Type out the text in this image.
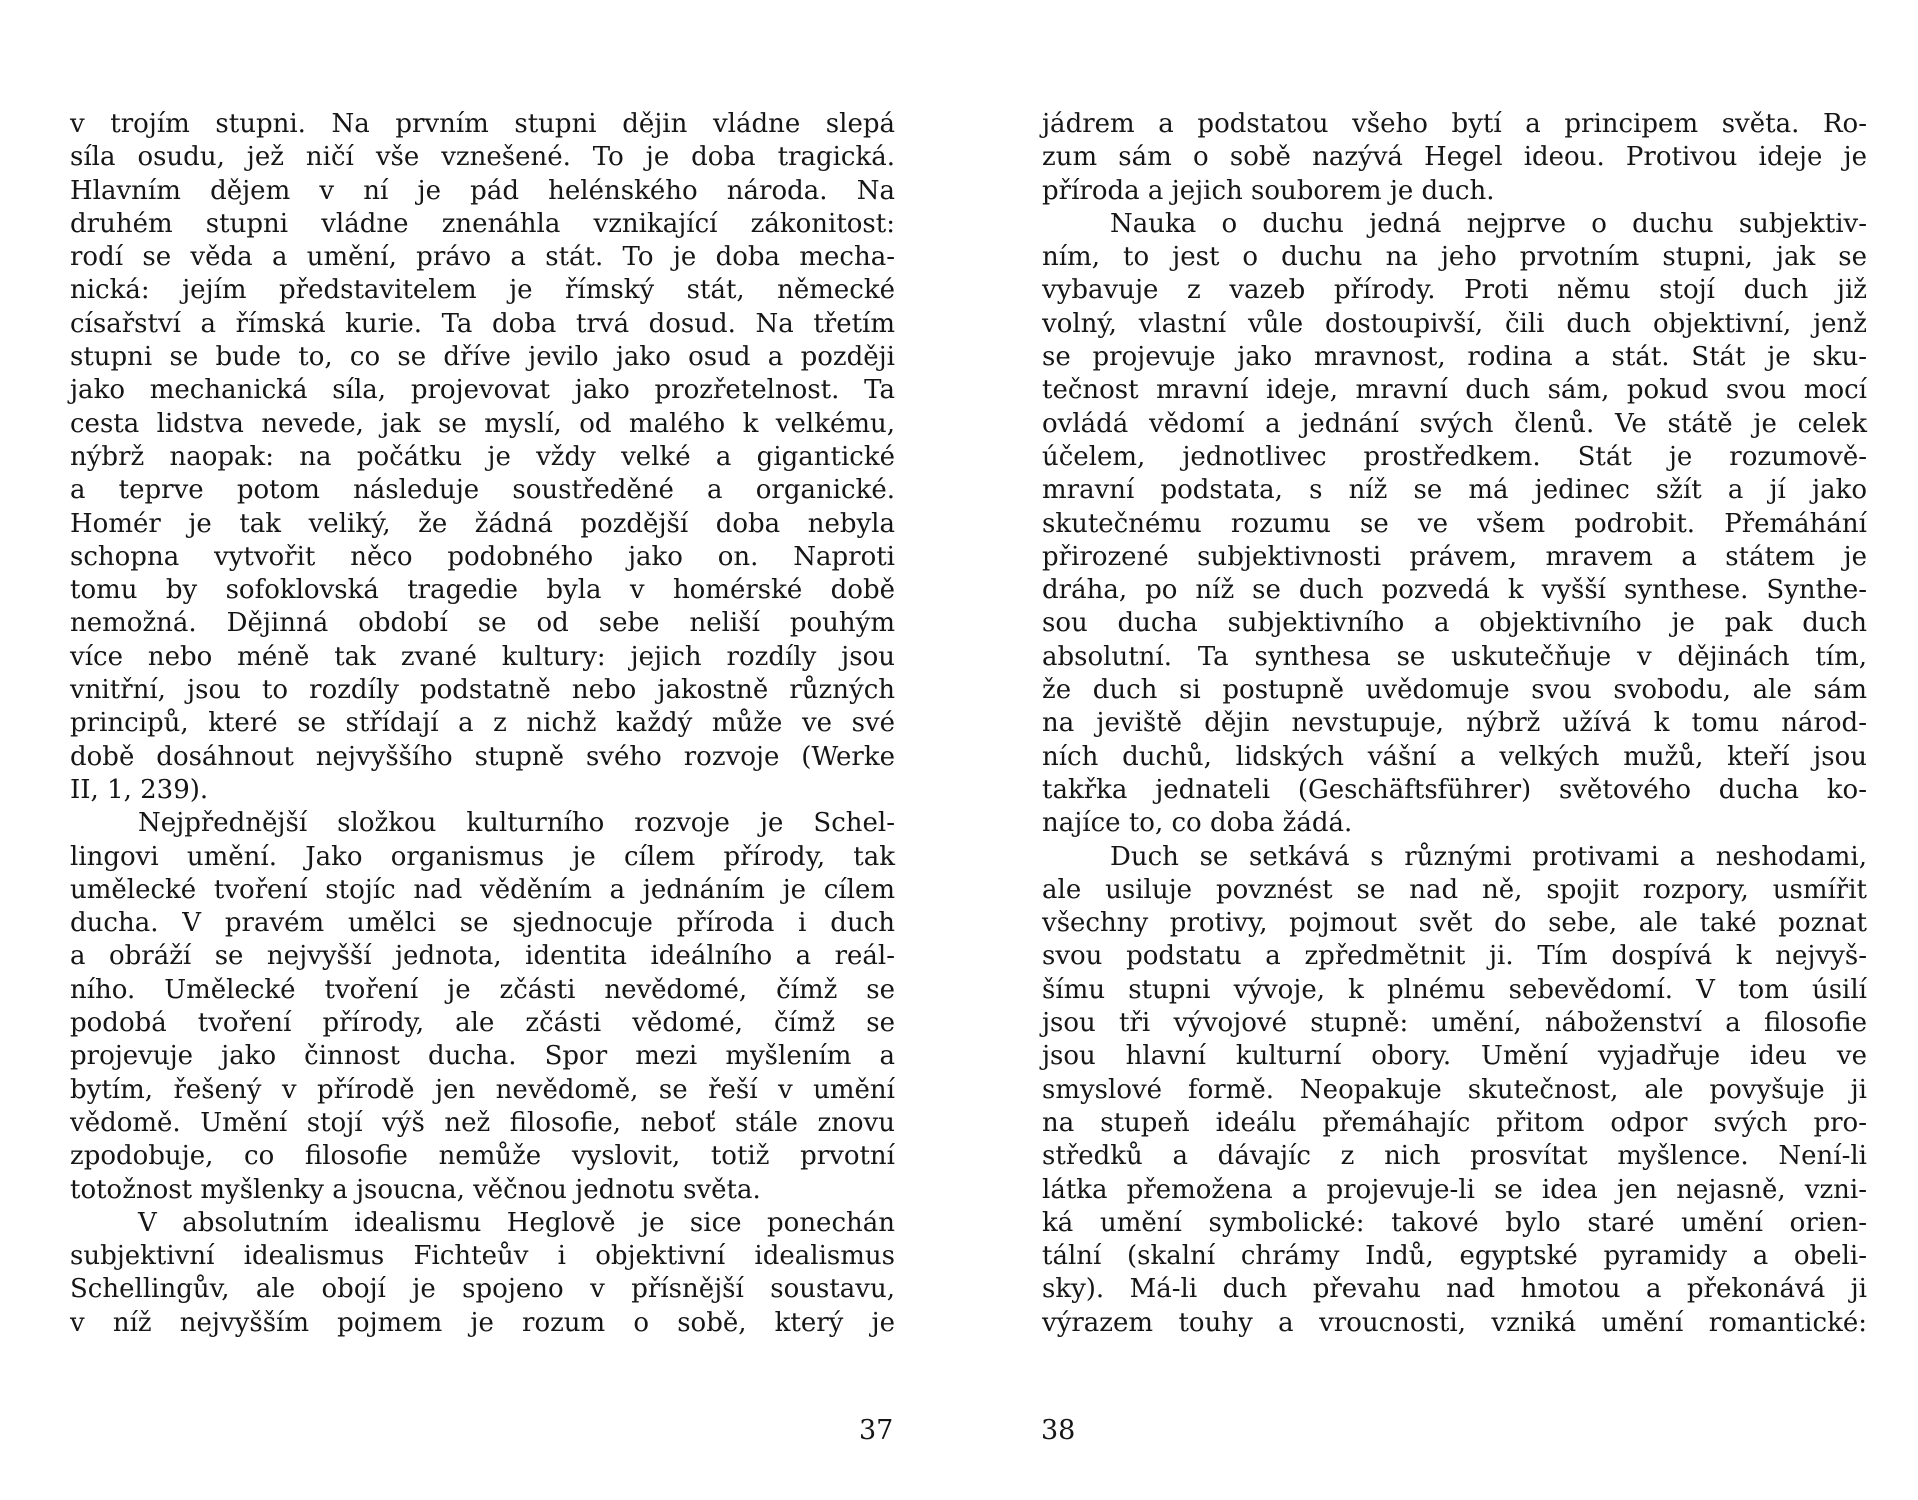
v trojím stupni. Na prvním stupni dějin vládne slepá
síla osudu, jež ničí vše vznešené. To je doba tragická.
Hlavním dějem v ní je pád helénského národa. Na
druhém stupni vládne znenáhla vznikající zákonitost:
rodí se věda a umění, právo a stát. To je doba mecha-
nická: jejím představitelem je římský stát, německé
císařství a římská kurie. Ta doba trvá dosud. Na třetím
stupni se bude to, co se dříve jevilo jako osud a později
jako mechanická síla, projevovat jako prozřetelnost. Ta
cesta lidstva nevede, jak se myslí, od malého k velkému,
nýbrž naopak: na počátku je vždy velké a gigantické
a teprve potom následuje soustředěné a organické.
Homér je tak veliký, že žádná pozdější doba nebyla
schopna vytvořit něco podobného jako on. Naproti
tomu by sofoklovská tragedie byla v homérské době
nemožná. Dějinná období se od sebe neliší pouhým
více nebo méně tak zvané kultury: jejich rozdíly jsou
vnitřní, jsou to rozdíly podstatně nebo jakostně různých
principů, které se střídají a z nichž každý může ve své
době dosáhnout nejvyššího stupně svého rozvoje (Werke
II, 1, 239).
Nejpřednější složkou kulturního rozvoje je Schel-
lingovi umění. Jako organismus je cílem přírody, tak
umělecké tvoření stojíc nad věděním a jednáním je cílem
ducha. V pravém umělci se sjednocuje příroda i duch
a obráží se nejvyšší jednota, identita ideálního a reál-
ního. Umělecké tvoření je zčásti nevědomé, čímž se
podobá tvoření přírody, ale zčásti vědomé, čímž se
projevuje jako činnost ducha. Spor mezi myšlením a
bytím, řešený v přírodě jen nevědomě, se řeší v umění
vědomě. Umění stojí výš než filosofie, neboť stále znovu
zpodobuje, co filosofie nemůže vyslovit, totiž prvotní
totožnost myšlenky a jsoucna, věčnou jednotu světa.
V absolutním idealismu Heglově je sice ponechán
subjektivní idealismus Fichteův i objektivní idealismus
Schellingův, ale obojí je spojeno v přísnější soustavu,
v níž nejvyšším pojmem je rozum o sobě, který je
jádrem a podstatou všeho bytí a principem světa. Ro-
zum sám o sobě nazývá Hegel ideou. Protivou ideje je
příroda a jejich souborem je duch.
Nauka o duchu jedná nejprve o duchu subjektiv-
ním, to jest o duchu na jeho prvotním stupni, jak se
vybavuje z vazeb přírody. Proti němu stojí duch již
volný, vlastní vůle dostoupivší, čili duch objektivní, jenž
se projevuje jako mravnost, rodina a stát. Stát je sku-
tečnost mravní ideje, mravní duch sám, pokud svou mocí
ovládá vědomí a jednání svých členů. Ve státě je celek
účelem, jednotlivec prostředkem. Stát je rozumově-
mravní podstata, s níž se má jedinec sžít a jí jako
skutečnému rozumu se ve všem podrobit. Přemáhání
přirozené subjektivnosti právem, mravem a státem je
dráha, po níž se duch pozvedá k vyšší synthese. Synthe-
sou ducha subjektivního a objektivního je pak duch
absolutní. Ta synthesa se uskutečňuje v dějinách tím,
že duch si postupně uvědomuje svou svobodu, ale sám
na jeviště dějin nevstupuje, nýbrž užívá k tomu národ-
ních duchů, lidských vášní a velkých mužů, kteří jsou
takřka jednateli (Geschäftsführer) světového ducha ko-
najíce to, co doba žádá.
Duch se setkává s různými protivami a neshodami,
ale usiluje povznést se nad ně, spojit rozpory, usmířit
všechny protivy, pojmout svět do sebe, ale také poznat
svou podstatu a zpředmětnit ji. Tím dospívá k nejvyš-
šímu stupni vývoje, k plnému sebevědomí. V tom úsilí
jsou tři vývojové stupně: umění, náboženství a filosofie
jsou hlavní kulturní obory. Umění vyjadřuje ideu ve
smyslové formě. Neopakuje skutečnost, ale povyšuje ji
na stupeň ideálu přemáhajíc přitom odpor svých pro-
středků a dávajíc z nich prosvítat myšlence. Není-li
látka přemožena a projevuje-li se idea jen nejasně, vzni-
ká umění symbolické: takové bylo staré umění orien-
tální (skalní chrámy Indů, egyptské pyramidy a obeli-
sky). Má-li duch převahu nad hmotou a překonává ji
výrazem touhy a vroucnosti, vzniká umění romantické:
37	38
